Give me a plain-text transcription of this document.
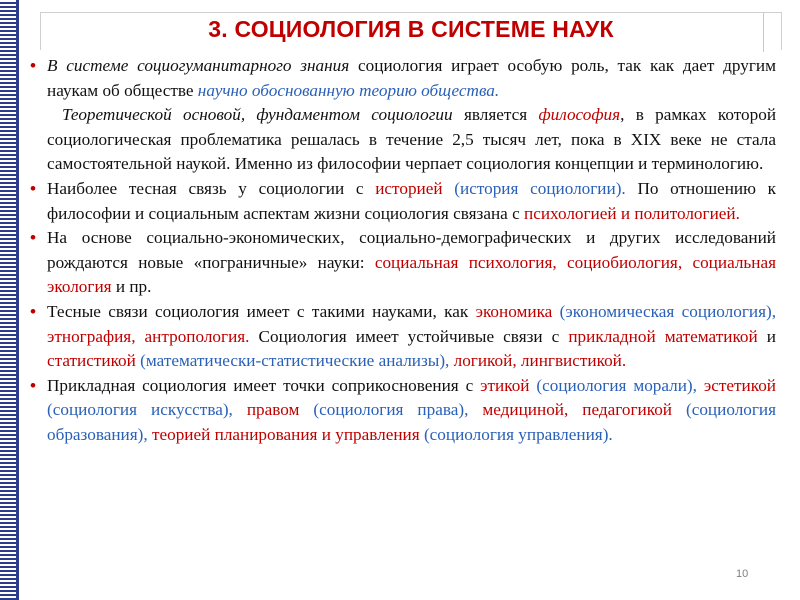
3. СОЦИОЛОГИЯ В СИСТЕМЕ НАУК

• В системе социогуманитарного знания социология играет особую роль, так как дает другим наукам об обществе научно обоснованную теорию общества.

Теоретической основой, фундаментом социологии является философия, в рамках которой социологическая проблематика решалась в течение 2,5 тысяч лет, пока в XIX веке не стала самостоятельной наукой. Именно из философии черпает социология концепции и терминологию.

• Наиболее тесная связь у социологии с историей (история социологии). По отношению к философии и социальным аспектам жизни социология связана с психологией и политологией.

• На основе социально-экономических, социально-демографических и других исследований рождаются новые «пограничные» науки: социальная психология, социобиология, социальная экология и пр.

• Тесные связи социология имеет с такими науками, как экономика (экономическая социология), этнография, антропология. Социология имеет устойчивые связи с прикладной математикой и статистикой (математически-статистические анализы), логикой, лингвистикой.

• Прикладная социология имеет точки соприкосновения с этикой (социология морали), эстетикой (социология искусства), правом (социология права), медициной, педагогикой (социология образования), теорией планирования и управления (социология управления).

10
